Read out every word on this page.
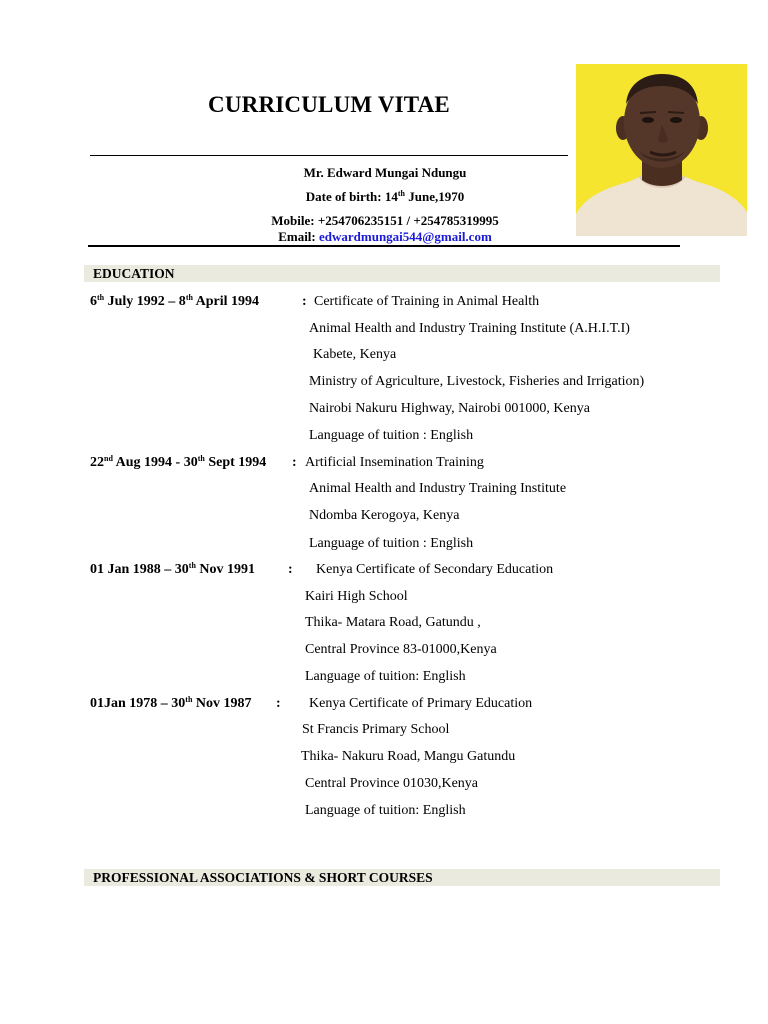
CURRICULUM VITAE
Mr. Edward Mungai Ndungu
Date of birth: 14th June,1970
Mobile: +254706235151 / +254785319995
Email: edwardmungai544@gmail.com
EDUCATION
6th July 1992 – 8th April 1994	: Certificate of Training in Animal Health
Animal Health and Industry Training Institute (A.H.I.T.I)
Kabete, Kenya
Ministry of Agriculture, Livestock, Fisheries and Irrigation)
Nairobi Nakuru Highway, Nairobi 001000, Kenya
Language of tuition : English
22nd Aug 1994 - 30th Sept 1994 : Artificial Insemination Training
Animal Health and Industry Training Institute
Ndomba Kerogoya, Kenya
Language of tuition : English
01 Jan 1988 – 30th Nov 1991 : Kenya Certificate of Secondary Education
Kairi High School
Thika- Matara Road, Gatundu ,
Central Province 83-01000,Kenya
Language of tuition: English
01Jan 1978 – 30th Nov 1987 : Kenya Certificate of Primary Education
St Francis Primary School
Thika- Nakuru Road, Mangu Gatundu
Central Province 01030,Kenya
Language of tuition: English
PROFESSIONAL ASSOCIATIONS & SHORT COURSES
